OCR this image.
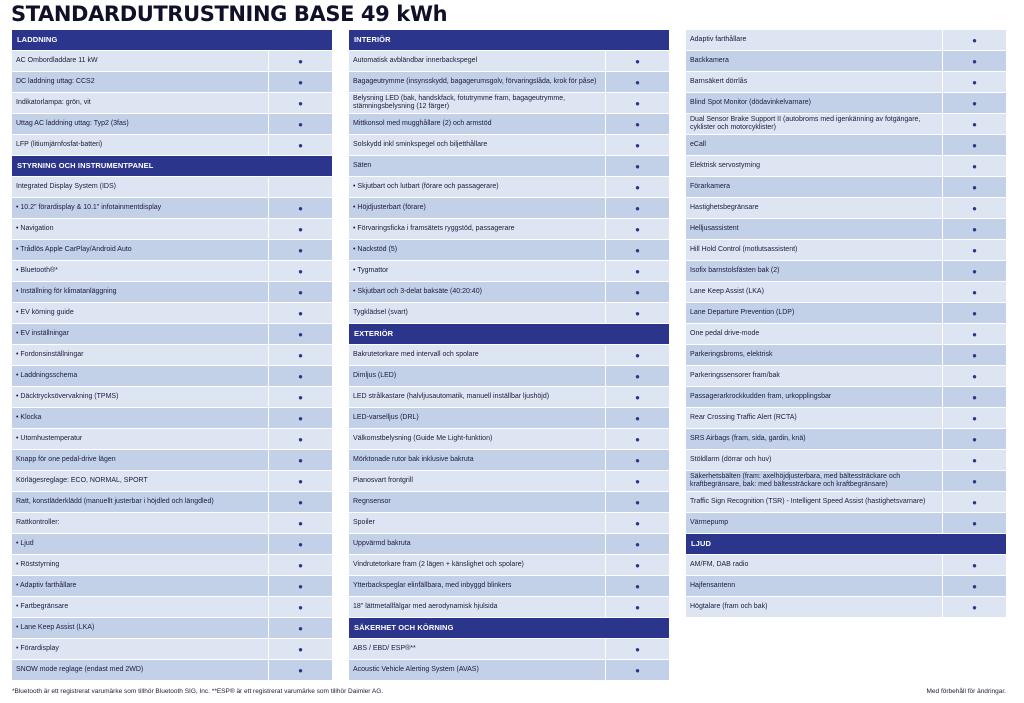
STANDARDUTRUSTNING BASE 49 kWh
LADDNING
AC Ombordladdare 11 kW	●
DC laddning uttag: CCS2	●
Indikatorlampa: grön, vit	●
Uttag AC laddning uttag: Typ2 (3fas)	●
LFP (litiumjärnfosfat-batteri)	●
STYRNING OCH INSTRUMENTPANEL
Integrated Display System (IDS)
• 10.2" förardisplay & 10.1" infotainmentdisplay	●
• Navigation	●
• Trådlös Apple CarPlay/Android Auto	●
• Bluetooth®*	●
• Inställning för klimatanläggning	●
• EV körning guide	●
• EV inställningar	●
• Fordonsinställningar	●
• Laddningsschema	●
• Däcktrycksövervakning (TPMS)	●
• Klocka	●
• Utomhustemperatur	●
Knapp för one pedal-drive lägen	●
Körlägesreglage: ECO, NORMAL, SPORT	●
Ratt, konstläderklädd (manuellt justerbar i höjdled och längdled)	●
Rattkontroller:	●
• Ljud	●
• Röststyrning	●
• Adaptiv farthållare	●
• Fartbegränsare	●
• Lane Keep Assist (LKA)	●
• Förardisplay	●
SNOW mode reglage (endast med 2WD)	●
INTERIÖR
Automatisk avbländbar innerbackspegel	●
Bagageutrymme (insynsskydd, bagagerumsgolv, förvaringslåda, krok för påse)	●
Belysning LED (bak, handskfack, fotutrymme fram, bagageutrymme, stämningsbelysning (12 färger)	●
Mittkonsol med mugghållare (2) och armstöd	●
Solskydd inkl sminkspegel och biljetthållare	●
Säten	●
• Skjutbart och lutbart (förare och passagerare)	●
• Höjdjusterbart (förare)	●
• Förvaringsficka i framsätets ryggstöd, passagerare	●
• Nackstöd (5)	●
• Tygmattor	●
• Skjutbart och 3-delat baksäte (40:20:40)	●
Tygklädsel (svart)	●
EXTERIÖR
Bakrutetorkare med intervall och spolare	●
Dimljus (LED)	●
LED strålkastare (halvljusautomatik, manuell inställbar ljushöjd)	●
LED-varselljus (DRL)	●
Välkomstbelysning (Guide Me Light-funktion)	●
Mörktonade rutor bak inklusive bakruta	●
Pianosvart frontgrill	●
Regnsensor	●
Spoiler	●
Uppvärmd bakruta	●
Vindrutetorkare fram (2 lägen + känslighet och spolare)	●
Ytterbackspeglar elinfällbara, med inbyggd blinkers	●
18" lättmetallfälgar med aerodynamisk hjulsida	●
SÄKERHET OCH KÖRNING
ABS / EBD/ ESP®**	●
Acoustic Vehicle Alerting System (AVAS)	●
Adaptiv farthållare	●
Backkamera	●
Barnsäkert dörrlås	●
Blind Spot Monitor (dödavinkelvarnare)	●
Dual Sensor Brake Support II (autobroms med igenkänning av fotgängare, cyklister och motorcyklister)	●
eCall	●
Elektrisk servostyrning	●
Förarkamera	●
Hastighetsbegränsare	●
Helljusassistent	●
Hill Hold Control (motlutsassistent)	●
Isofix barnstolsfästen bak (2)	●
Lane Keep Assist (LKA)	●
Lane Departure Prevention (LDP)	●
One pedal drive-mode	●
Parkeringsbroms, elektrisk	●
Parkeringssensorer fram/bak	●
Passagerarkrockkudden fram, urkopplingsbar	●
Rear Crossing Traffic Alert (RCTA)	●
SRS Airbags (fram, sida, gardin, knä)	●
Stöldlarm (dörrar och huv)	●
Säkerhetsbälten (fram: axelhöjdjusterbara, med bältessträckare och kraftbegränsare, bak: med bältessträckare och kraftbegränsare)	●
Traffic Sign Recognition (TSR) - Intelligent Speed Assist (hastighetsvarnare)	●
Värmepump	●
LJUD
AM/FM, DAB radio	●
Hajfensantenn	●
Högtalare (fram och bak)	●
*Bluetooth är ett registrerat varumärke som tillhör Bluetooth SIG, Inc. **ESP® är ett registrerat varumärke som tillhör Daimler AG.	Med förbehåll för ändringar.
